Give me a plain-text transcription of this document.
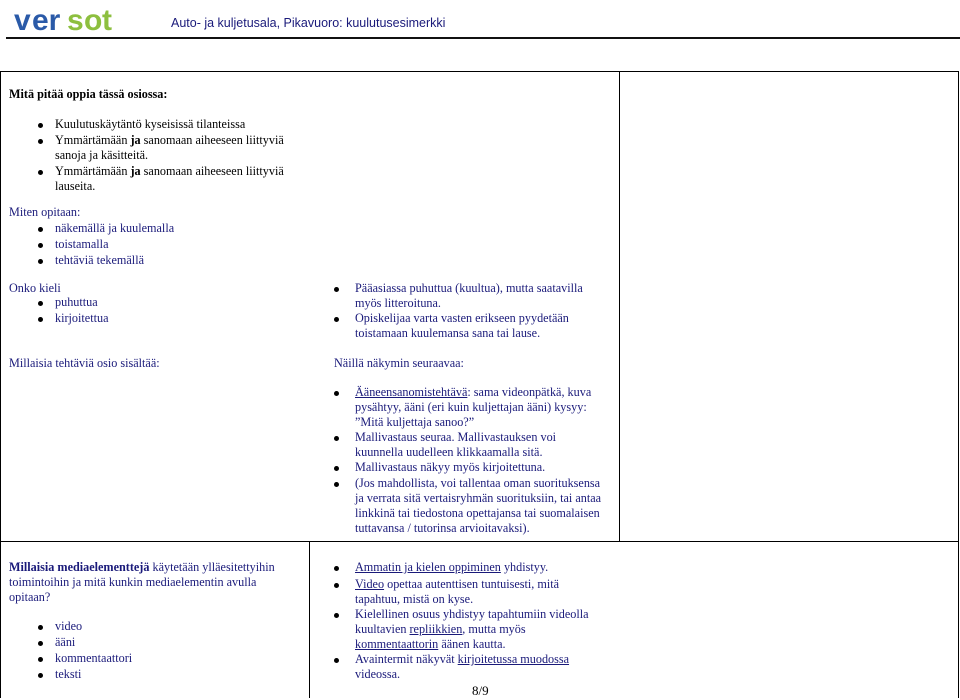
v er s o t	Auto- ja kuljetusala, Pikavuoro: kuulutusesimerkki
Mitä pitää oppia tässä osiossa:
Kuulutuskäytäntö kyseisissä tilanteissa
Ymmärtämään ja sanomaan aiheeseen liittyviä
sanoja ja käsitteitä.
Ymmärtämään ja sanomaan aiheeseen liittyviä
lauseita.
Miten opitaan:
näkemällä ja kuulemalla
toistamalla
tehtäviä tekemällä
Onko kieli
puhuttua
kirjoitettua
Millaisia tehtäviä osio sisältää:
Pääasiassa puhuttua (kuultua), mutta saatavilla
myös litteroituna.
Opiskelijaa varta vasten erikseen pyydetään
toistamaan kuulemansa sana tai lause.
Näillä näkymin seuraavaa:
Ääneensanomistehtävä: sama videonpätkä, kuva
pysähtyy, ääni (eri kuin kuljettajan ääni) kysyy:
”Mitä kuljettaja sanoo?”
Mallivastaus seuraa. Mallivastauksen voi
kuunnella uudelleen klikkaamalla sitä.
Mallivastaus näkyy myös kirjoitettuna.
(Jos mahdollista, voi tallentaa oman suorituksensa
ja verrata sitä vertaisryhmän suorituksiin, tai antaa
linkkinä tai tiedostona opettajansa tai suomalaisen
tuttavansa / tutorinsa arvioitavaksi).
Millaisia mediaelementtejä käytetään ylläesitettyihin
toimintoihin ja mitä kunkin mediaelementin avulla
opitaan?
video
ääni
kommentaattori
teksti
Ammatin ja kielen oppiminen yhdistyy.
Video opettaa autenttisen tuntuisesti, mitä
tapahtuu, mistä on kyse.
Kielellinen osuus yhdistyy tapahtumiin videolla
kuultavien repliikkien, mutta myös
kommentaattorin äänen kautta.
Avaintermit näkyvät kirjoitetussa muodossa
videossa.
8/9
